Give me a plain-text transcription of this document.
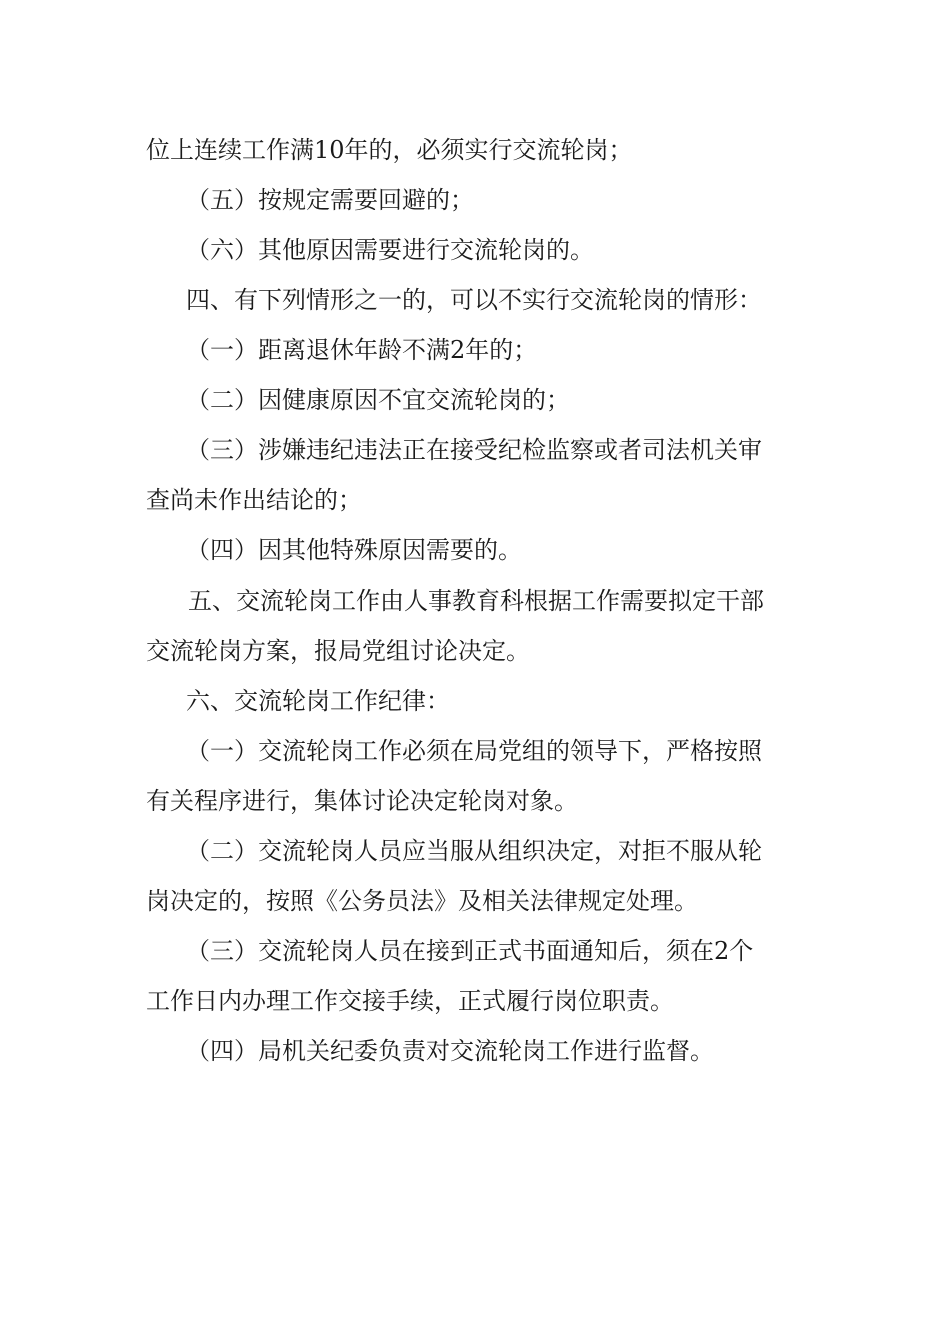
位上连续工作满10年的，必须实行交流轮岗；
（五）按规定需要回避的；
（六）其他原因需要进行交流轮岗的。
四、有下列情形之一的，可以不实行交流轮岗的情形：
（一）距离退休年龄不满2年的；
（二）因健康原因不宜交流轮岗的；
（三）涉嫌违纪违法正在接受纪检监察或者司法机关审
查尚未作出结论的；
（四）因其他特殊原因需要的。
五、交流轮岗工作由人事教育科根据工作需要拟定干部
交流轮岗方案，报局党组讨论决定。
六、交流轮岗工作纪律：
（一）交流轮岗工作必须在局党组的领导下，严格按照
有关程序进行，集体讨论决定轮岗对象。
（二）交流轮岗人员应当服从组织决定，对拒不服从轮
岗决定的，按照《公务员法》及相关法律规定处理。
（三）交流轮岗人员在接到正式书面通知后，须在2个
工作日内办理工作交接手续，正式履行岗位职责。
（四）局机关纪委负责对交流轮岗工作进行监督。
